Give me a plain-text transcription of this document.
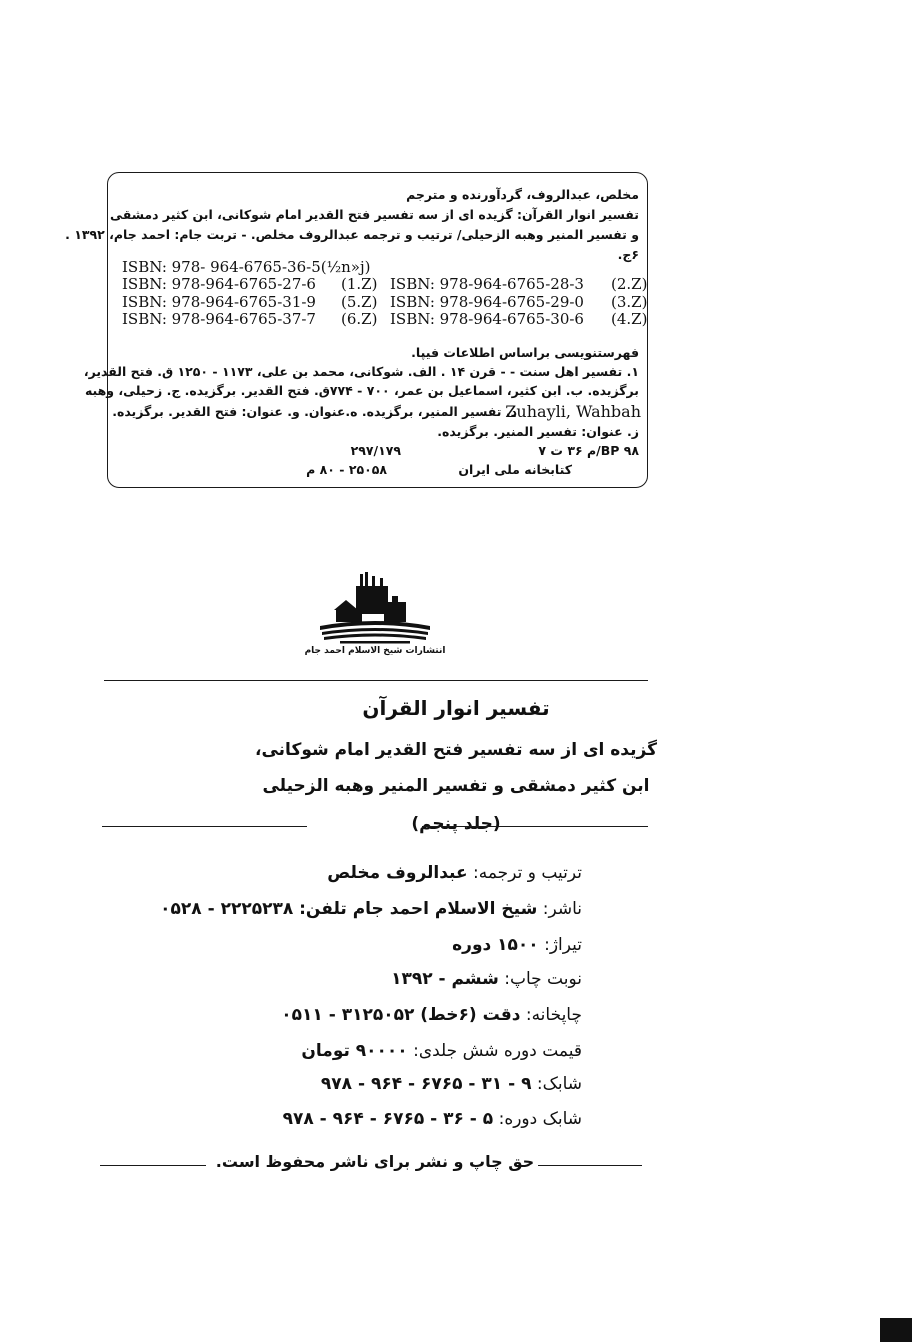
مخلص، عبدالروف، گردآورنده و مترجم
تفسیر انوار القرآن: گزیده ای از سه تفسیر فتح القدیر امام شوکانی، ابن کثیر دمشقی
و تفسیر المنیر وهبه الزحیلی/ ترتیب و ترجمه عبدالروف مخلص. - تربت جام: احمد جام، ۱۳۹۲ .
۶ج.
ISBN: 978- 964-6765-36-5(½n»j)
ISBN: 978-964-6765-27-6 (1.Z) ISBN: 978-964-6765-28-3 (2.Z)
ISBN: 978-964-6765-31-9 (5.Z) ISBN: 978-964-6765-29-0 (3.Z)
ISBN: 978-964-6765-37-7 (6.Z) ISBN: 978-964-6765-30-6 (4.Z)
فهرستنویسی براساس اطلاعات فیپا.
۱. تفسیر اهل سنت - - قرن ۱۴ . الف. شوکانی، محمد بن علی، ۱۱۷۳ - ۱۲۵۰ ق. فتح القدیر،
برگزیده. ب. ابن کثیر، اسماعیل بن عمر، ۷۰۰ - ۷۷۴ق. فتح القدیر. برگزیده. ج. زحیلی، وهبه
Zuhayli, Wahbah
د. تفسیر المنیر، برگزیده. ه.عنوان. و. عنوان: فتح القدیر. برگزیده.
ز. عنوان: تفسیر المنیر. برگزیده.
BP ۹۸/م ۳۶ ت ۷
۲۹۷/۱۷۹
کتابخانه ملی ایران
۲۵۰۵۸ - ۸۰ م
انتشارات شیخ الاسلام احمد جام
تفسیر انوار القرآن
گزیده ای از سه تفسیر فتح القدیر امام شوکانی،
ابن کثیر دمشقی و تفسیر المنیر وهبه الزحیلی
(جلد پنجم)
ترتیب و ترجمه: عبدالروف مخلص
ناشر: شیخ الاسلام احمد جام تلفن: ۲۲۲۵۲۳۸ - ۰۵۲۸
تیراژ: ۱۵۰۰ دوره
نوبت چاپ: ششم - ۱۳۹۲
چاپخانه: دقت (۶خط) ۳۱۲۵۰۵۲ - ۰۵۱۱
قیمت دوره شش جلدی: ۹۰۰۰۰ تومان
شابک: ۹ - ۳۱ - ۶۷۶۵ - ۹۶۴ - ۹۷۸
شابک دوره: ۵ - ۳۶ - ۶۷۶۵ - ۹۶۴ - ۹۷۸
حق چاپ و نشر برای ناشر محفوظ است.
